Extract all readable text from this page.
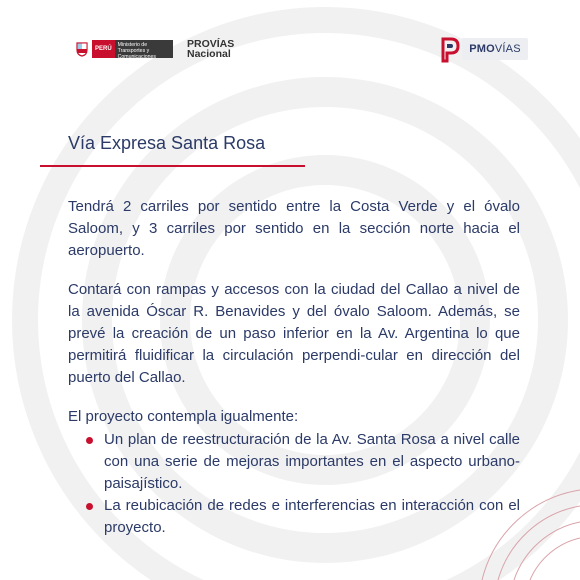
PERÚ
Ministerio de Transportes y Comunicaciones
PROVÍAS
Nacional	PMOVÍAS
Vía Expresa Santa Rosa

Tendrá 2 carriles por sentido entre la Costa Verde y el óvalo Saloom, y 3 carriles por sentido en la sección norte hacia el aeropuerto.

Contará con rampas y accesos con la ciudad del Callao a nivel de la avenida Óscar R. Benavides y del óvalo Saloom. Además, se prevé la creación de un paso inferior en la Av. Argentina lo que permitirá fluidificar la circulación perpendi-cular en dirección del puerto del Callao.

El proyecto contempla igualmente:

Un plan de reestructuración de la Av. Santa Rosa a nivel calle con una serie de mejoras importantes en el aspecto urbano-paisajístico.
La reubicación de redes e interferencias en interacción con el proyecto.
